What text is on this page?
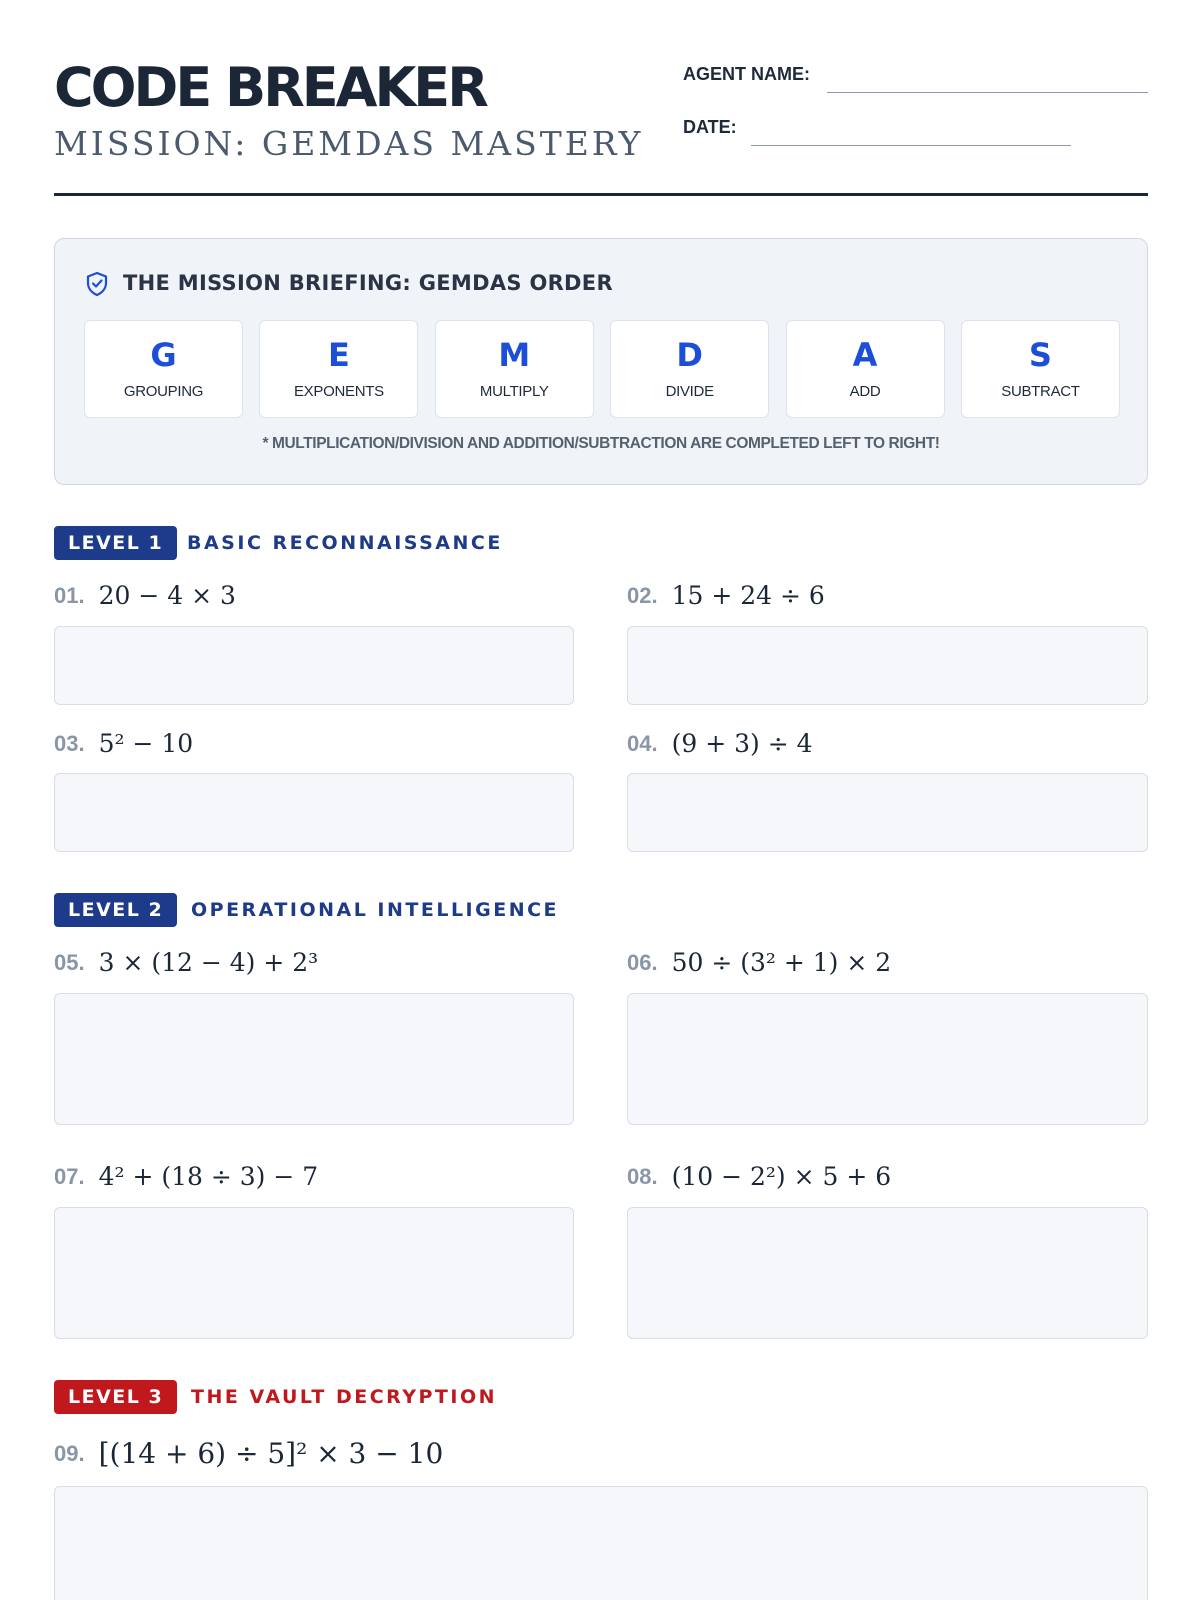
CODE BREAKER
MISSION: GEMDAS MASTERY
AGENT NAME:
DATE:
THE MISSION BRIEFING: GEMDAS ORDER
G
GROUPING
E
EXPONENTS
M
MULTIPLY
D
DIVIDE
A
ADD
S
SUBTRACT
* MULTIPLICATION/DIVISION AND ADDITION/SUBTRACTION ARE COMPLETED LEFT TO RIGHT!
LEVEL 1	BASIC RECONNAISSANCE
01. 20 − 4 × 3	02. 15 + 24 ÷ 6
03. 5² − 10	04. (9 + 3) ÷ 4
LEVEL 2	OPERATIONAL INTELLIGENCE
05. 3 × (12 − 4) + 2³	06. 50 ÷ (3² + 1) × 2
07. 4² + (18 ÷ 3) − 7	08. (10 − 2²) × 5 + 6
LEVEL 3	THE VAULT DECRYPTION
09. [(14 + 6) ÷ 5]² × 3 − 10
